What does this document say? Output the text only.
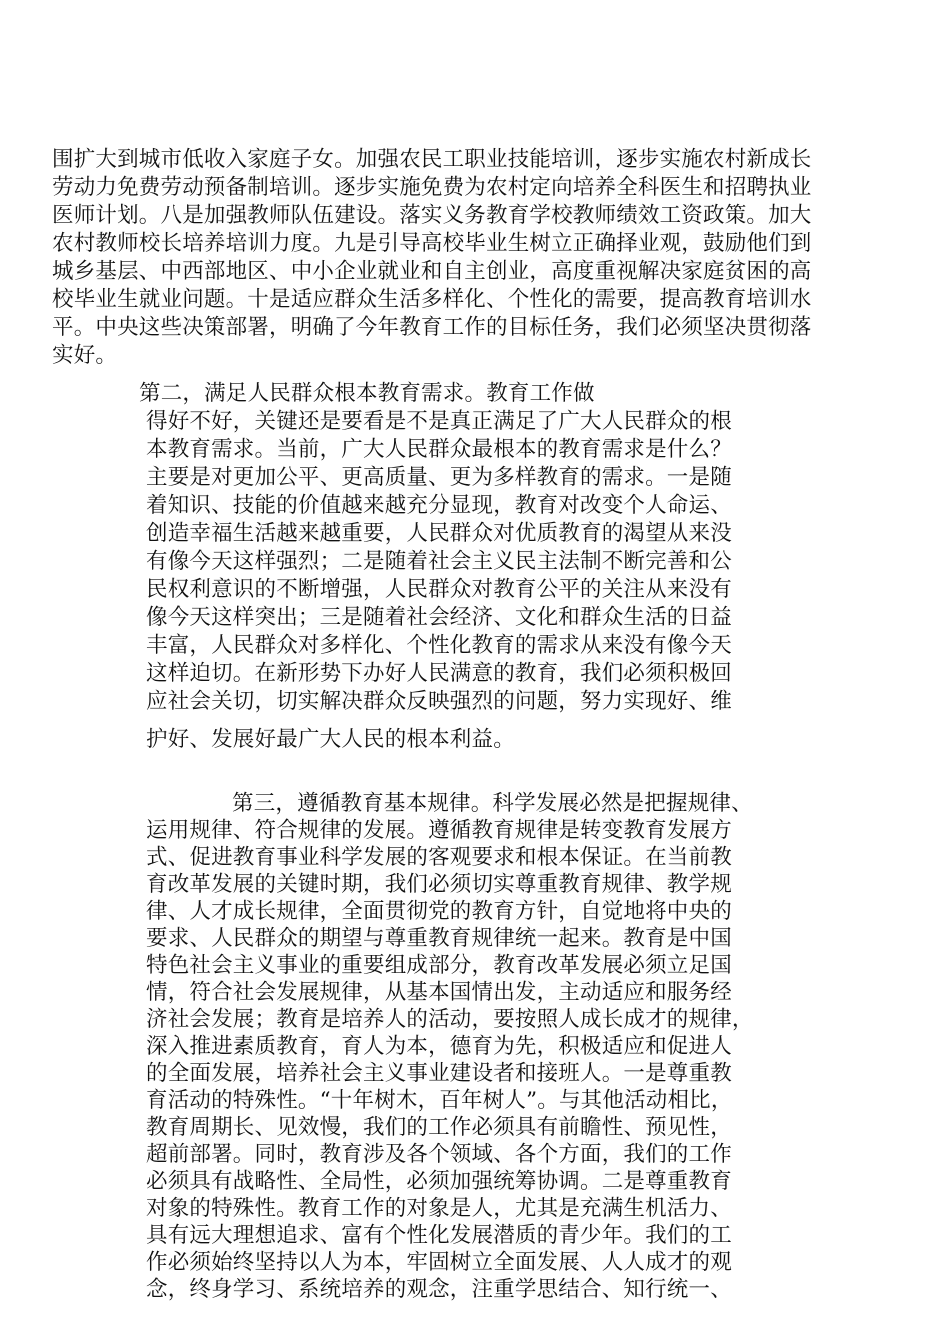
围扩大到城市低收入家庭子女。加强农民工职业技能培训，逐步实施农村新成长
劳动力免费劳动预备制培训。逐步实施免费为农村定向培养全科医生和招聘执业
医师计划。八是加强教师队伍建设。落实义务教育学校教师绩效工资政策。加大
农村教师校长培养培训力度。九是引导高校毕业生树立正确择业观，鼓励他们到
城乡基层、中西部地区、中小企业就业和自主创业，高度重视解决家庭贫困的高
校毕业生就业问题。十是适应群众生活多样化、个性化的需要，提高教育培训水
平。中央这些决策部署，明确了今年教育工作的目标任务，我们必须坚决贯彻落
实好。
第二，满足人民群众根本教育需求。教育工作做
得好不好，关键还是要看是不是真正满足了广大人民群众的根
本教育需求。当前，广大人民群众最根本的教育需求是什么？
主要是对更加公平、更高质量、更为多样教育的需求。一是随
着知识、技能的价值越来越充分显现，教育对改变个人命运、
创造幸福生活越来越重要，人民群众对优质教育的渴望从来没
有像今天这样强烈；二是随着社会主义民主法制不断完善和公
民权利意识的不断增强，人民群众对教育公平的关注从来没有
像今天这样突出；三是随着社会经济、文化和群众生活的日益
丰富，人民群众对多样化、个性化教育的需求从来没有像今天
这样迫切。在新形势下办好人民满意的教育，我们必须积极回
应社会关切，切实解决群众反映强烈的问题，努力实现好、维
护好、发展好最广大人民的根本利益。
第三，遵循教育基本规律。科学发展必然是把握规律、
运用规律、符合规律的发展。遵循教育规律是转变教育发展方
式、促进教育事业科学发展的客观要求和根本保证。在当前教
育改革发展的关键时期，我们必须切实尊重教育规律、教学规
律、人才成长规律，全面贯彻党的教育方针，自觉地将中央的
要求、人民群众的期望与尊重教育规律统一起来。教育是中国
特色社会主义事业的重要组成部分，教育改革发展必须立足国
情，符合社会发展规律，从基本国情出发，主动适应和服务经
济社会发展；教育是培养人的活动，要按照人成长成才的规律，
深入推进素质教育，育人为本，德育为先，积极适应和促进人
的全面发展，培养社会主义事业建设者和接班人。一是尊重教
育活动的特殊性。“十年树木，百年树人”。与其他活动相比，
教育周期长、见效慢，我们的工作必须具有前瞻性、预见性，
超前部署。同时，教育涉及各个领域、各个方面，我们的工作
必须具有战略性、全局性，必须加强统筹协调。二是尊重教育
对象的特殊性。教育工作的对象是人，尤其是充满生机活力、
具有远大理想追求、富有个性化发展潜质的青少年。我们的工
作必须始终坚持以人为本，牢固树立全面发展、人人成才的观
念，终身学习、系统培养的观念，注重学思结合、知行统一、
